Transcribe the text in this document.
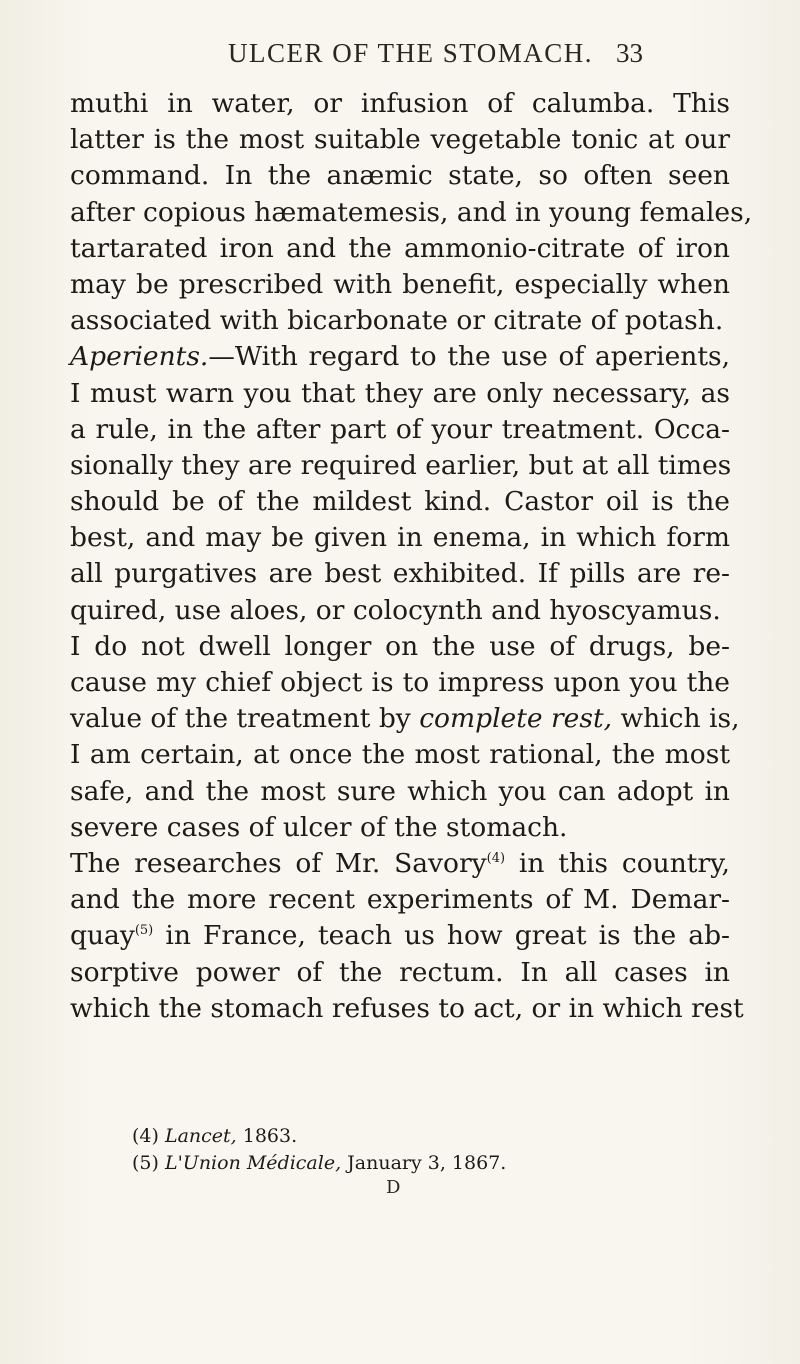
ULCER OF THE STOMACH. 33
muthi in water, or infusion of calumba. This
latter is the most suitable vegetable tonic at our
command. In the anæmic state, so often seen
after copious hæmatemesis, and in young females,
tartarated iron and the ammonio-citrate of iron
may be prescribed with benefit, especially when
associated with bicarbonate or citrate of potash.
Aperients.—With regard to the use of aperients,
I must warn you that they are only necessary, as
a rule, in the after part of your treatment. Occa-
sionally they are required earlier, but at all times
should be of the mildest kind. Castor oil is the
best, and may be given in enema, in which form
all purgatives are best exhibited. If pills are re-
quired, use aloes, or colocynth and hyoscyamus.
I do not dwell longer on the use of drugs, be-
cause my chief object is to impress upon you the
value of the treatment by complete rest, which is,
I am certain, at once the most rational, the most
safe, and the most sure which you can adopt in
severe cases of ulcer of the stomach.
The researches of Mr. Savory$^{(4)}$ in this country,
and the more recent experiments of M. Demar-
quay$^{(5)}$ in France, teach us how great is the ab-
sorptive power of the rectum. In all cases in
which the stomach refuses to act, or in which rest
(4) Lancet, 1863.
(5) L'Union Médicale, January 3, 1867.
D
